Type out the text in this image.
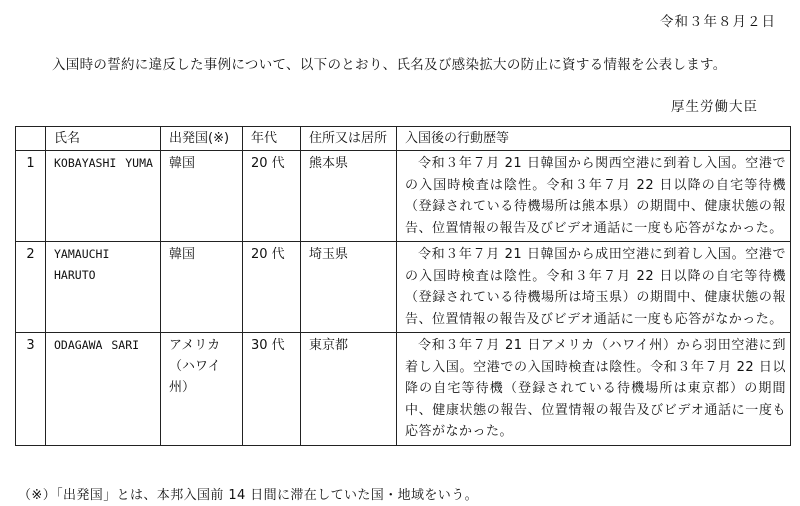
令和３年８月２日
入国時の誓約に違反した事例について、以下のとおり、氏名及び感染拡大の防止に資する情報を公表します。
厚生労働大臣
	氏名	出発国(※)	年代	住所又は居所	入国後の行動歴等
1	KOBAYASHI YUMA	韓国	20 代	熊本県	令和３年７月 21 日韓国から関西空港に到着し入国。空港での入国時検査は陰性。令和３年７月 22 日以降の自宅等待機（登録されている待機場所は熊本県）の期間中、健康状態の報告、位置情報の報告及びビデオ通話に一度も応答がなかった。

2	YAMAUCHI HARUTO	韓国	20 代	埼玉県	令和３年７月 21 日韓国から成田空港に到着し入国。空港での入国時検査は陰性。令和３年７月 22 日以降の自宅等待機（登録されている待機場所は埼玉県）の期間中、健康状態の報告、位置情報の報告及びビデオ通話に一度も応答がなかった。

3	ODAGAWA SARI	アメリカ（ハワイ州）	30 代	東京都	令和３年７月 21 日アメリカ（ハワイ州）から羽田空港に到着し入国。空港での入国時検査は陰性。令和３年７月 22 日以降の自宅等待機（登録されている待機場所は東京都）の期間中、健康状態の報告、位置情報の報告及びビデオ通話に一度も応答がなかった。
（※）「出発国」とは、本邦入国前 14 日間に滞在していた国・地域をいう。
